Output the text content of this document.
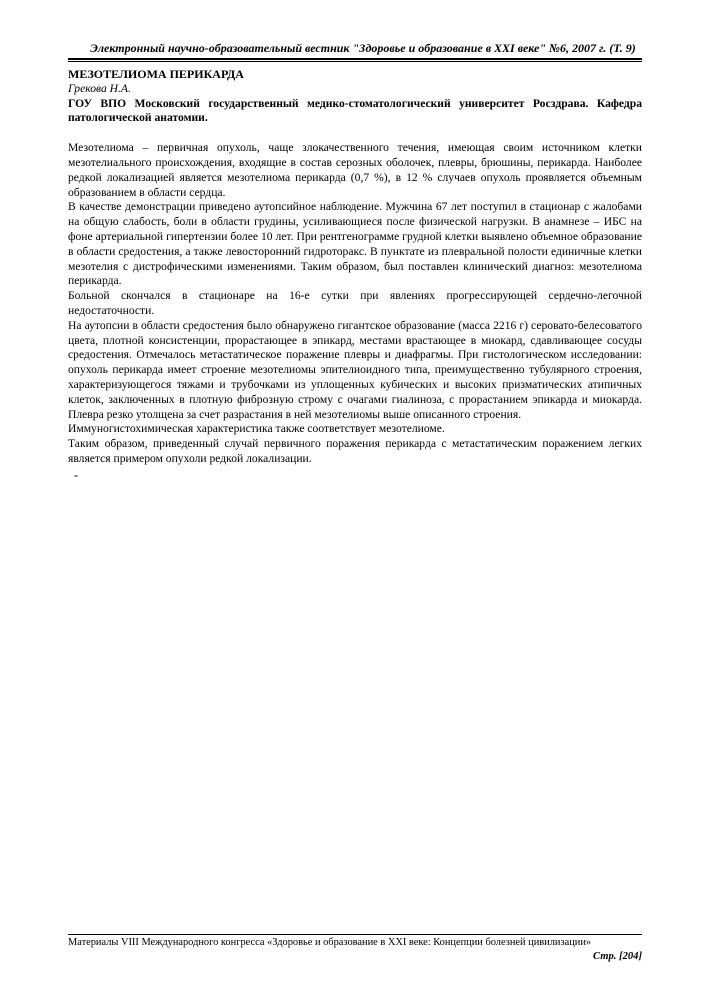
Электронный научно-образовательный вестник "Здоровье и образование в XXI веке" №6, 2007 г. (Т. 9)

МЕЗОТЕЛИОМА ПЕРИКАРДА

Грекова Н.А.

ГОУ ВПО Московский государственный медико-стоматологический университет Росздрава. Кафедра патологической анатомии.

Мезотелиома – первичная опухоль, чаще злокачественного течения, имеющая своим источником клетки мезотелиального происхождения, входящие в состав серозных оболочек, плевры, брюшины, перикарда. Наиболее редкой локализацией является мезотелиома перикарда (0,7 %), в 12 % случаев опухоль проявляется объемным образованием в области сердца.

В качестве демонстрации приведено аутопсийное наблюдение. Мужчина 67 лет поступил в стационар с жалобами на общую слабость, боли в области грудины, усиливающиеся после физической нагрузки. В анамнезе – ИБС на фоне артериальной гипертензии более 10 лет. При рентгенограмме грудной клетки выявлено объемное образование в области средостения, а также левосторонний гидроторакс. В пунктате из плевральной полости единичные клетки мезотелия с дистрофическими изменениями. Таким образом, был поставлен клинический диагноз: мезотелиома перикарда.

Больной скончался в стационаре на 16-е сутки при явлениях прогрессирующей сердечно-легочной недостаточности.

На аутопсии в области средостения было обнаружено гигантское образование (масса 2216 г) серовато-белесоватого цвета, плотной консистенции, прорастающее в эпикард, местами врастающее в миокард, сдавливающее сосуды средостения. Отмечалось метастатическое поражение плевры и диафрагмы. При гистологическом исследовании: опухоль перикарда имеет строение мезотелиомы эпителиоидного типа, преимущественно тубулярного строения, характеризующегося тяжами и трубочками из уплощенных кубических и высоких призматических атипичных клеток, заключенных в плотную фиброзную строму с очагами гиалиноза, с прорастанием эпикарда и миокарда. Плевра резко утолщена за счет разрастания в ней мезотелиомы выше описанного строения.

Иммуногистохимическая характеристика также соответствует мезотелиоме.

Таким образом, приведенный случай первичного поражения перикарда с метастатическим поражением легких является примером опухоли редкой локализации.

-

Материалы VIII Международного конгресса «Здоровье и образование в XXI веке: Концепции болезней цивилизации»
Стр. [204]
